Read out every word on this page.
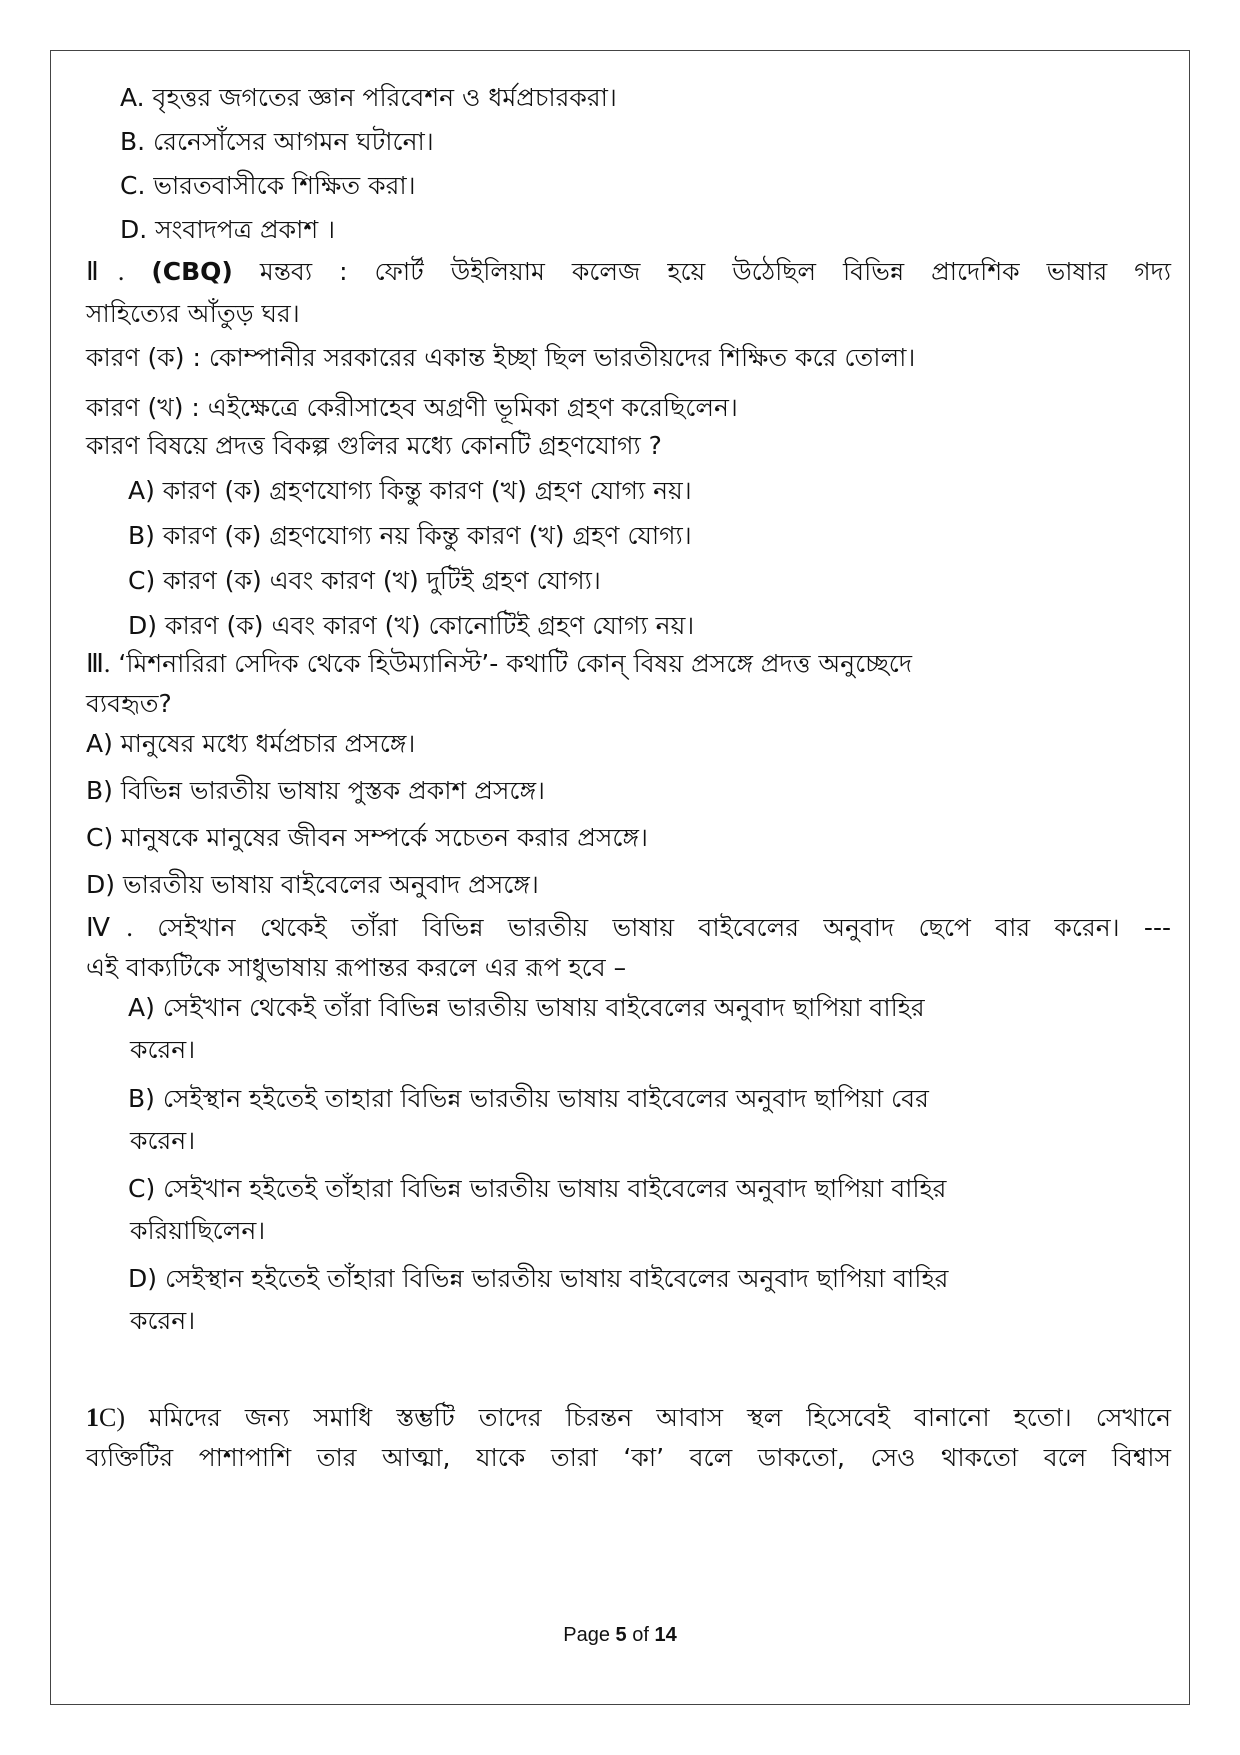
A. বৃহত্তর জগতের জ্ঞান পরিবেশন ও ধর্মপ্রচারকরা।
B. রেনেসাঁসের আগমন ঘটানো।
C. ভারতবাসীকে শিক্ষিত করা।
D. সংবাদপত্র প্রকাশ ।
Ⅱ. (CBQ) মন্তব্য : ফোর্ট উইলিয়াম কলেজ হয়ে উঠেছিল বিভিন্ন প্রাদেশিক ভাষার গদ্য
সাহিত্যের আঁতুড় ঘর।
কারণ (ক) : কোম্পানীর সরকারের একান্ত ইচ্ছা ছিল ভারতীয়দের শিক্ষিত করে তোলা।
কারণ (খ) : এইক্ষেত্রে কেরীসাহেব অগ্রণী ভূমিকা গ্রহণ করেছিলেন।
কারণ বিষয়ে প্রদত্ত বিকল্প গুলির মধ্যে কোনটি গ্রহণযোগ্য ?
A) কারণ (ক) গ্রহণযোগ্য কিন্তু কারণ (খ) গ্রহণ যোগ্য নয়।
B) কারণ (ক) গ্রহণযোগ্য নয় কিন্তু কারণ (খ) গ্রহণ যোগ্য।
C) কারণ (ক) এবং কারণ (খ) দুটিই গ্রহণ যোগ্য।
D) কারণ (ক) এবং কারণ (খ) কোনোটিই গ্রহণ যোগ্য নয়।
Ⅲ. ‘মিশনারিরা সেদিক থেকে হিউম্যানিস্ট’- কথাটি কোন্ বিষয় প্রসঙ্গে প্রদত্ত অনুচ্ছেদে
ব্যবহৃত?
A) মানুষের মধ্যে ধর্মপ্রচার প্রসঙ্গে।
B) বিভিন্ন ভারতীয় ভাষায় পুস্তক প্রকাশ প্রসঙ্গে।
C) মানুষকে মানুষের জীবন সম্পর্কে সচেতন করার প্রসঙ্গে।
D) ভারতীয় ভাষায় বাইবেলের অনুবাদ প্রসঙ্গে।
Ⅳ. সেইখান থেকেই তাঁরা বিভিন্ন ভারতীয় ভাষায় বাইবেলের অনুবাদ ছেপে বার করেন। ---
এই বাক্যটিকে সাধুভাষায় রূপান্তর করলে এর রূপ হবে –
A) সেইখান থেকেই তাঁরা বিভিন্ন ভারতীয় ভাষায় বাইবেলের অনুবাদ ছাপিয়া বাহির
করেন।
B) সেইস্থান হইতেই তাহারা বিভিন্ন ভারতীয় ভাষায় বাইবেলের অনুবাদ ছাপিয়া বের
করেন।
C) সেইখান হইতেই তাঁহারা বিভিন্ন ভারতীয় ভাষায় বাইবেলের অনুবাদ ছাপিয়া বাহির
করিয়াছিলেন।
D) সেইস্থান হইতেই তাঁহারা বিভিন্ন ভারতীয় ভাষায় বাইবেলের অনুবাদ ছাপিয়া বাহির
করেন।
1C) মমিদের জন্য সমাধি স্তম্ভটি তাদের চিরন্তন আবাস স্থল হিসেবেই বানানো হতো। সেখানে
ব্যক্তিটির পাশাপাশি তার আত্মা, যাকে তারা ‘কা’ বলে ডাকতো, সেও থাকতো বলে বিশ্বাস
Page 5 of 14
